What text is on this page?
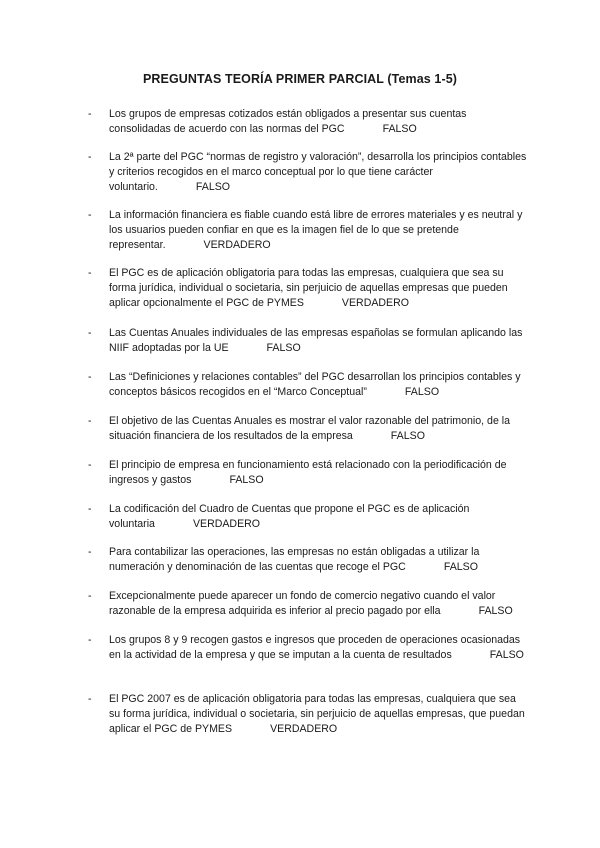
PREGUNTAS TEORÍA PRIMER PARCIAL (Temas 1-5)
- Los grupos de empresas cotizados están obligados a presentar sus cuentas consolidadas de acuerdo con las normas del PGC	FALSO
- La 2ª parte del PGC “normas de registro y valoración”, desarrolla los principios contables y criterios recogidos en el marco conceptual por lo que tiene carácter voluntario.	FALSO
- La información financiera es fiable cuando está libre de errores materiales y es neutral y los usuarios pueden confiar en que es la imagen fiel de lo que se pretende representar.	VERDADERO
- El PGC es de aplicación obligatoria para todas las empresas, cualquiera que sea su forma jurídica, individual o societaria, sin perjuicio de aquellas empresas que pueden aplicar opcionalmente el PGC de PYMES	VERDADERO
- Las Cuentas Anuales individuales de las empresas españolas se formulan aplicando las NIIF adoptadas por la UE	FALSO
- Las “Definiciones y relaciones contables” del PGC desarrollan los principios contables y conceptos básicos recogidos en el “Marco Conceptual”	FALSO
- El objetivo de las Cuentas Anuales es mostrar el valor razonable del patrimonio, de la situación financiera de los resultados de la empresa	FALSO
- El principio de empresa en funcionamiento está relacionado con la periodificación de ingresos y gastos	FALSO
- La codificación del Cuadro de Cuentas que propone el PGC es de aplicación voluntaria	VERDADERO
- Para contabilizar las operaciones, las empresas no están obligadas a utilizar la numeración y denominación de las cuentas que recoge el PGC	FALSO
- Excepcionalmente puede aparecer un fondo de comercio negativo cuando el valor razonable de la empresa adquirida es inferior al precio pagado por ella	FALSO
- Los grupos 8 y 9 recogen gastos e ingresos que proceden de operaciones ocasionadas en la actividad de la empresa y que se imputan a la cuenta de resultados	FALSO
- El PGC 2007 es de aplicación obligatoria para todas las empresas, cualquiera que sea su forma jurídica, individual o societaria, sin perjuicio de aquellas empresas, que puedan aplicar el PGC de PYMES	VERDADERO
